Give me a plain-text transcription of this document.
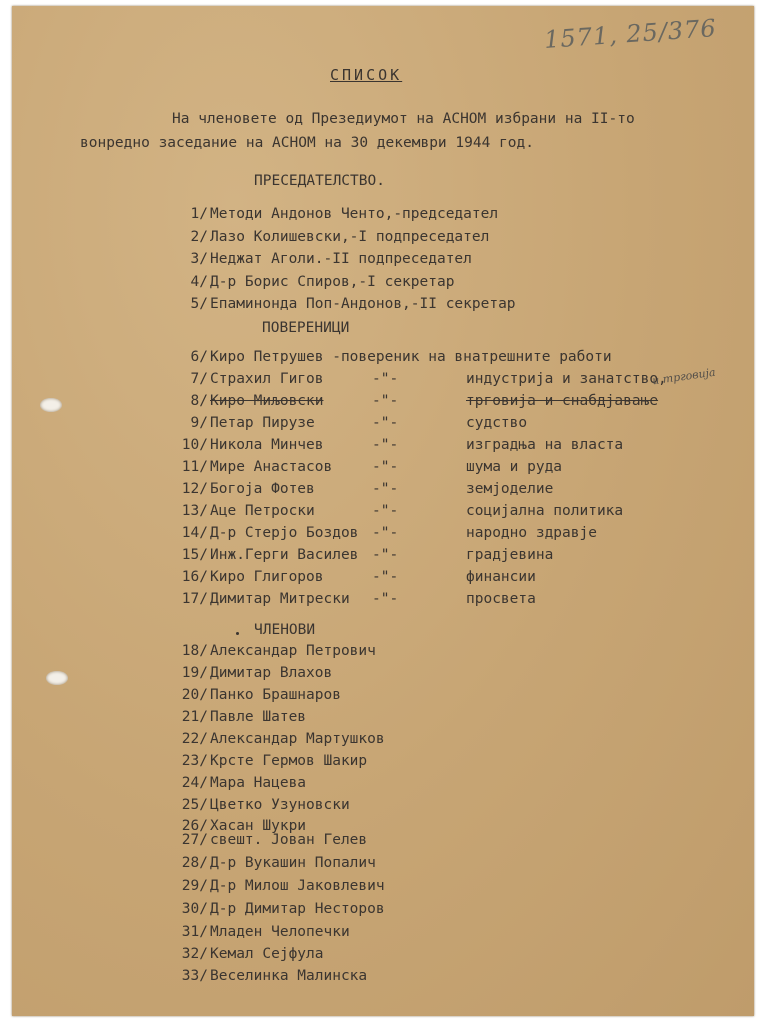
1571, 25/376
СПИСОК
На членовете од Презедиумот на АСНОМ избрани на II-то
вонредно заседание на АСНОМ на 30 декември 1944 год.
ПРЕСЕДАТЕЛСТВО.
1/ Методи Андонов Ченто,-председател
2/ Лазо Колишевски,-I подпреседател
3/ Неджат Аголи.-II подпреседател
4/ Д-р Борис Спиров,-I секретар
5/ Епаминонда Поп-Андонов,-II секретар
ПОВЕРЕНИЦИ
6/ Киро Петрушев -повереник на внатрешните работи
7/ Страхил Гигов	-"-	индустрија и занатство,
8/ Киро Миљовски	-"-	трговија и снабдјавање
9/ Петар Пирузе	-"-	судство
10/ Никола Минчев	-"-	изградња на власта
11/ Мире Анастасов	-"-	шума и руда
12/ Богоја Фотев	-"-	земјоделие
13/ Аце Петроски	-"-	социјална политика
14/ Д-р Стерјо Боздов -"-	народно здравје
15/ Инж.Герги Василев -"-	градјевина
16/ Киро Глигоров	-"-	финансии
17/ Димитар Митрески -"-	просвета
и трговија
ЧЛЕНОВИ
18/ Александар Петрович
19/ Димитар Влахов
20/ Панко Брашнаров
21/ Павле Шатев
22/ Александар Мартушков
23/ Крсте Гермов Шакир
24/ Мара Нацева
25/ Цветко Узуновски
26/ Хасан Шукри
27/ свешт. Јован Гелев
28/ Д-р Вукашин Попалич
29/ Д-р Милош Јаковлевич
30/ Д-р Димитар Несторов
31/ Младен Челопечки
32/ Кемал Сејфула
33/ Веселинка Малинска
